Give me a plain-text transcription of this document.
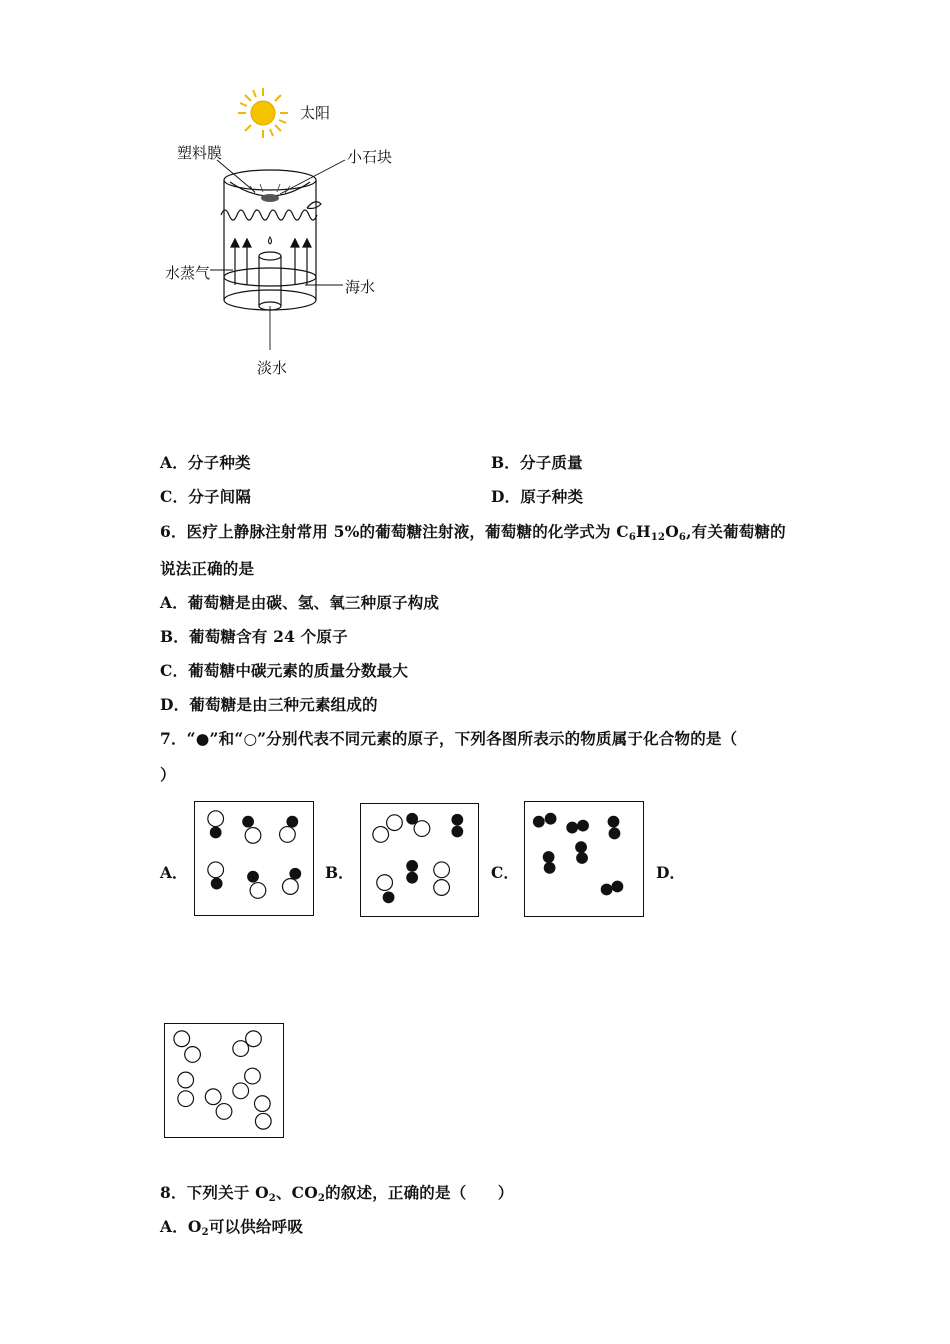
太阳
塑料膜	小石块
水蒸气
海水
淡水
A．分子种类	B．分子质量
C．分子间隔	D．原子种类
6．医疗上静脉注射常用 5%的葡萄糖注射液，葡萄糖的化学式为 $C_6H_{12}O_6$,有关葡萄糖的
说法正确的是
A．葡萄糖是由碳、氢、氧三种原子构成
B．葡萄糖含有 24 个原子
C．葡萄糖中碳元素的质量分数最大
D．葡萄糖是由三种元素组成的
7．“●”和“○”分别代表不同元素的原子，下列各图所表示的物质属于化合物的是（
）
A．	B．	C．	D．
8．下列关于 $O_2$、$CO_2$的叙述，正确的是（　　）
A．$O_2$可以供给呼吸
